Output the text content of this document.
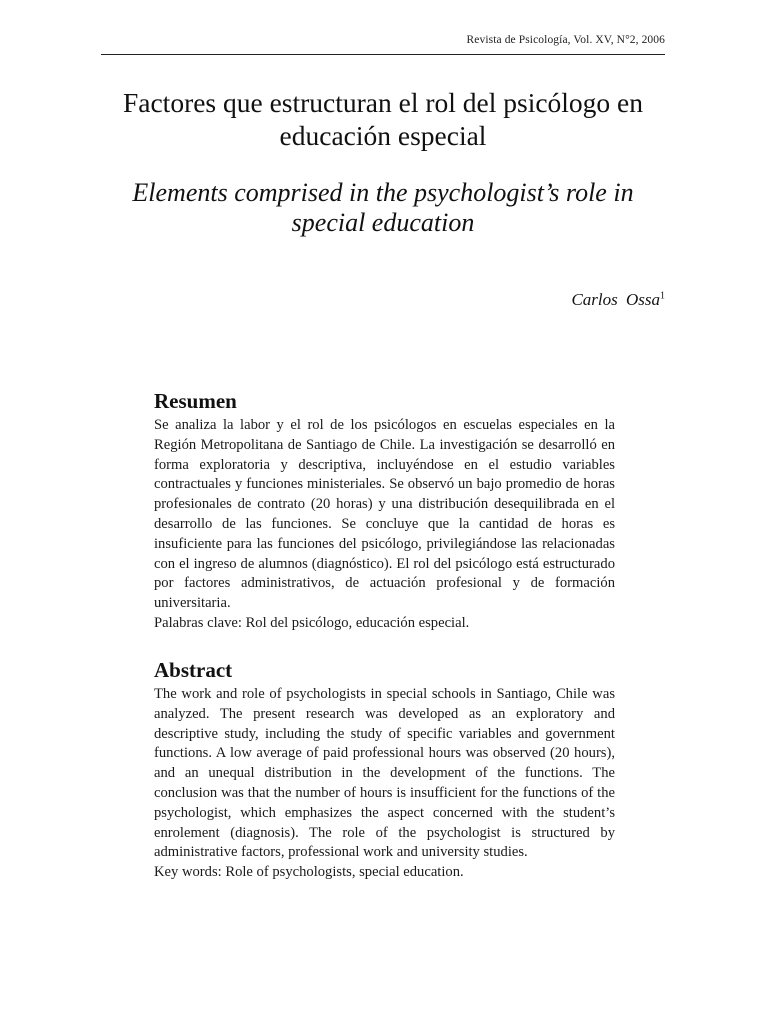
Revista de Psicología, Vol. XV, N°2, 2006
Factores que estructuran el rol del psicólogo en educación especial
Elements comprised in the psychologist’s role in special education
Carlos Ossa$^1$
Resumen

Se analiza la labor y el rol de los psicólogos en escuelas especiales en la Región Metropolitana de Santiago de Chile. La investigación se desarrolló en forma exploratoria y descriptiva, incluyéndose en el estudio variables contractuales y funciones ministeriales. Se observó un bajo promedio de horas profesionales de contrato (20 horas) y una distribución desequilibrada en el desarrollo de las funciones. Se concluye que la cantidad de horas es insuficiente para las funciones del psicólogo, privilegiándose las relacionadas con el ingreso de alumnos (diagnóstico). El rol del psicólogo está estructurado por factores administrativos, de actuación profesional y de formación universitaria.

Palabras clave: Rol del psicólogo, educación especial.

Abstract

The work and role of psychologists in special schools in Santiago, Chile was analyzed. The present research was developed as an exploratory and descriptive study, including the study of specific variables and government functions. A low average of paid professional hours was observed (20 hours), and an unequal distribution in the development of the functions. The conclusion was that the number of hours is insufficient for the functions of the psychologist, which emphasizes the aspect concerned with the student’s enrolement (diagnosis). The role of the psychologist is structured by administrative factors, professional work and university studies.

Key words: Role of psychologists, special education.
